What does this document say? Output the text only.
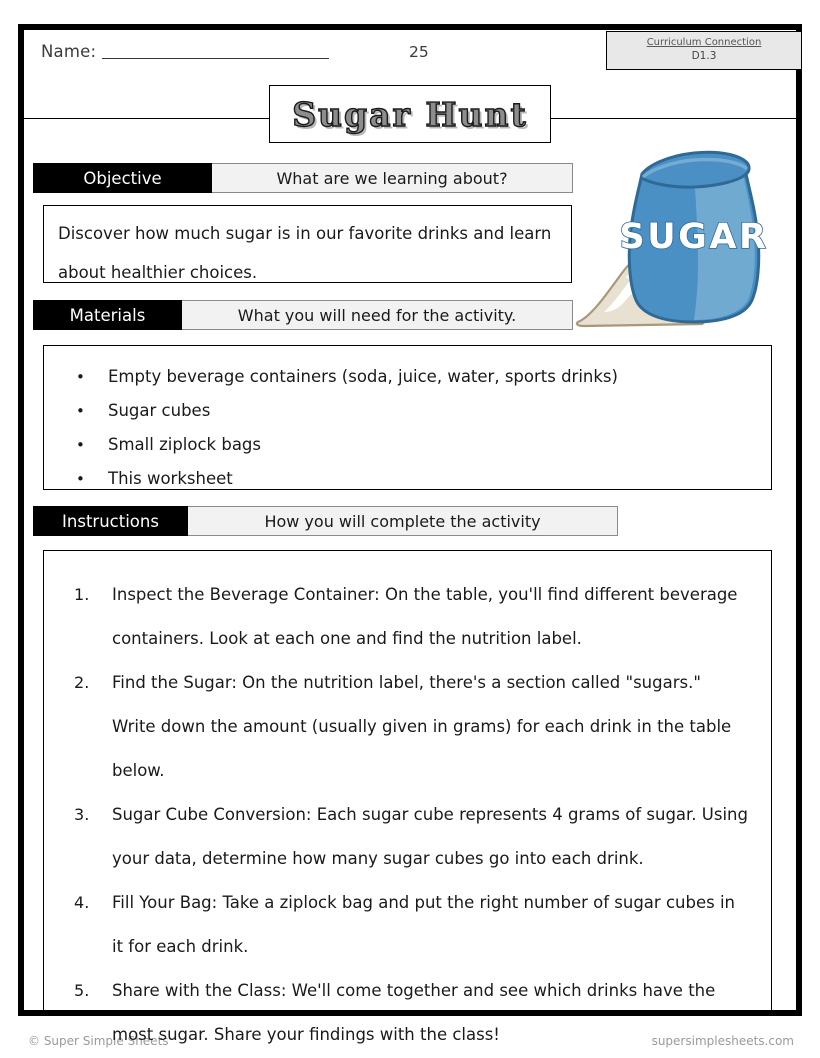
Name:	25
Curriculum Connection
D1.3
Sugar Hunt
SUGAR
Objective	What are we learning about?
Discover how much sugar is in our favorite drinks and learn about healthier choices.
Materials	What you will need for the activity.
• Empty beverage containers (soda, juice, water, sports drinks)
• Sugar cubes
• Small ziplock bags
• This worksheet
Instructions	How you will complete the activity
Inspect the Beverage Container: On the table, you'll find different beverage containers. Look at each one and find the nutrition label.
Find the Sugar: On the nutrition label, there's a section called "sugars." Write down the amount (usually given in grams) for each drink in the table below.
Sugar Cube Conversion: Each sugar cube represents 4 grams of sugar. Using your data, determine how many sugar cubes go into each drink.
Fill Your Bag: Take a ziplock bag and put the right number of sugar cubes in it for each drink.
Share with the Class: We'll come together and see which drinks have the most sugar. Share your findings with the class!
© Super Simple Sheets	supersimplesheets.com
